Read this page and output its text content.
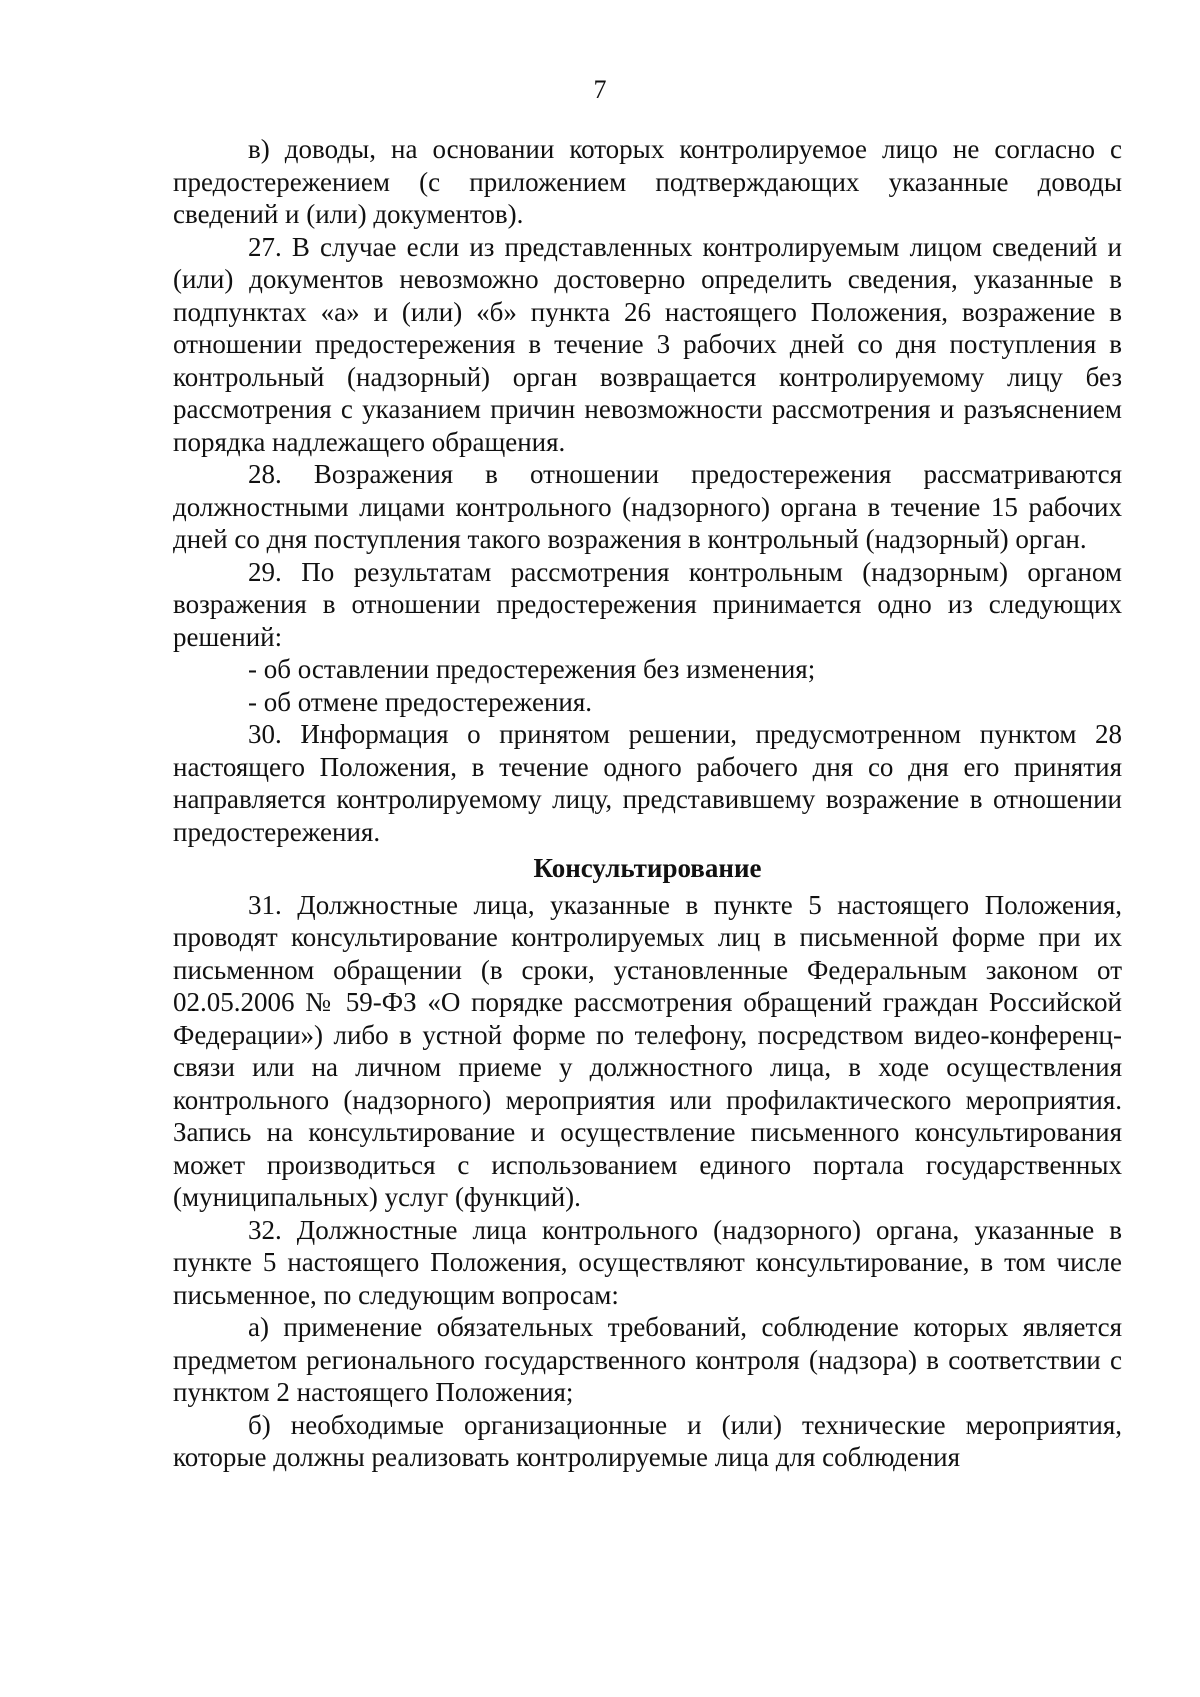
7

в) доводы, на основании которых контролируемое лицо не согласно с предостережением (с приложением подтверждающих указанные доводы сведений и (или) документов).

27. В случае если из представленных контролируемым лицом сведений и (или) документов невозможно достоверно определить сведения, указанные в подпунктах «а» и (или) «б» пункта 26 настоящего Положения, возражение в отношении предостережения в течение 3 рабочих дней со дня поступления в контрольный (надзорный) орган возвращается контролируемому лицу без рассмотрения с указанием причин невозможности рассмотрения и разъяснением порядка надлежащего обращения.

28. Возражения в отношении предостережения рассматриваются должностными лицами контрольного (надзорного) органа в течение 15 рабочих дней со дня поступления такого возражения в контрольный (надзорный) орган.

29. По результатам рассмотрения контрольным (надзорным) органом возражения в отношении предостережения принимается одно из следующих решений:

- об оставлении предостережения без изменения;

- об отмене предостережения.

30. Информация о принятом решении, предусмотренном пунктом 28 настоящего Положения, в течение одного рабочего дня со дня его принятия направляется контролируемому лицу, представившему возражение в отношении предостережения.

Консультирование

31. Должностные лица, указанные в пункте 5 настоящего Положения, проводят консультирование контролируемых лиц в письменной форме при их письменном обращении (в сроки, установленные Федеральным законом от 02.05.2006 № 59-ФЗ «О порядке рассмотрения обращений граждан Российской Федерации») либо в устной форме по телефону, посредством видео-конференц-связи или на личном приеме у должностного лица, в ходе осуществления контрольного (надзорного) мероприятия или профилактического мероприятия. Запись на консультирование и осуществление письменного консультирования может производиться с использованием единого портала государственных (муниципальных) услуг (функций).

32. Должностные лица контрольного (надзорного) органа, указанные в пункте 5 настоящего Положения, осуществляют консультирование, в том числе письменное, по следующим вопросам:

а) применение обязательных требований, соблюдение которых является предметом регионального государственного контроля (надзора) в соответствии с пунктом 2 настоящего Положения;

б) необходимые организационные и (или) технические мероприятия, которые должны реализовать контролируемые лица для соблюдения
